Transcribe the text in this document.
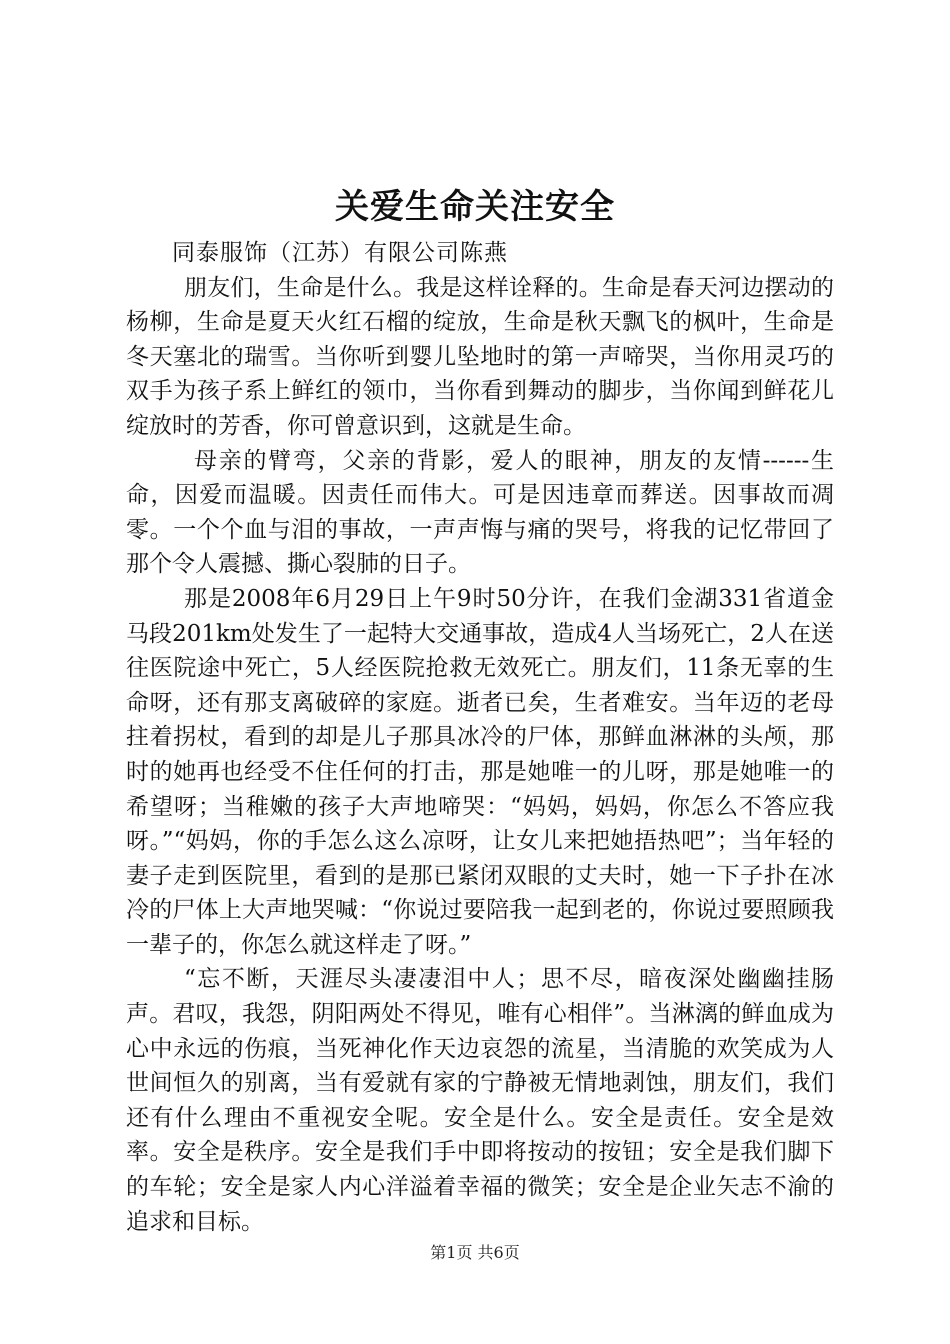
关爱生命关注安全

同泰服饰（江苏）有限公司陈燕

朋友们，生命是什么。我是这样诠释的。生命是春天河边摆动的杨柳，生命是夏天火红石榴的绽放，生命是秋天飘飞的枫叶，生命是冬天塞北的瑞雪。当你听到婴儿坠地时的第一声啼哭，当你用灵巧的双手为孩子系上鲜红的领巾，当你看到舞动的脚步，当你闻到鲜花儿绽放时的芳香，你可曾意识到，这就是生命。

母亲的臂弯，父亲的背影，爱人的眼神，朋友的友情------生命，因爱而温暖。因责任而伟大。可是因违章而葬送。因事故而凋零。一个个血与泪的事故，一声声悔与痛的哭号，将我的记忆带回了那个令人震撼、撕心裂肺的日子。

那是2008年6月29日上午9时50分许，在我们金湖331省道金马段201km处发生了一起特大交通事故，造成4人当场死亡，2人在送往医院途中死亡，5人经医院抢救无效死亡。朋友们，11条无辜的生命呀，还有那支离破碎的家庭。逝者已矣，生者难安。当年迈的老母拄着拐杖，看到的却是儿子那具冰冷的尸体，那鲜血淋淋的头颅，那时的她再也经受不住任何的打击，那是她唯一的儿呀，那是她唯一的希望呀；当稚嫩的孩子大声地啼哭：“妈妈，妈妈，你怎么不答应我呀。”“妈妈，你的手怎么这么凉呀，让女儿来把她捂热吧”；当年轻的妻子走到医院里，看到的是那已紧闭双眼的丈夫时，她一下子扑在冰冷的尸体上大声地哭喊：“你说过要陪我一起到老的，你说过要照顾我一辈子的，你怎么就这样走了呀。”

“忘不断，天涯尽头凄凄泪中人；思不尽，暗夜深处幽幽挂肠声。君叹，我怨，阴阳两处不得见，唯有心相伴”。当淋漓的鲜血成为心中永远的伤痕，当死神化作天边哀怨的流星，当清脆的欢笑成为人世间恒久的别离，当有爱就有家的宁静被无情地剥蚀，朋友们，我们还有什么理由不重视安全呢。安全是什么。安全是责任。安全是效率。安全是秩序。安全是我们手中即将按动的按钮；安全是我们脚下的车轮；安全是家人内心洋溢着幸福的微笑；安全是企业矢志不渝的追求和目标。

第1页 共6页
